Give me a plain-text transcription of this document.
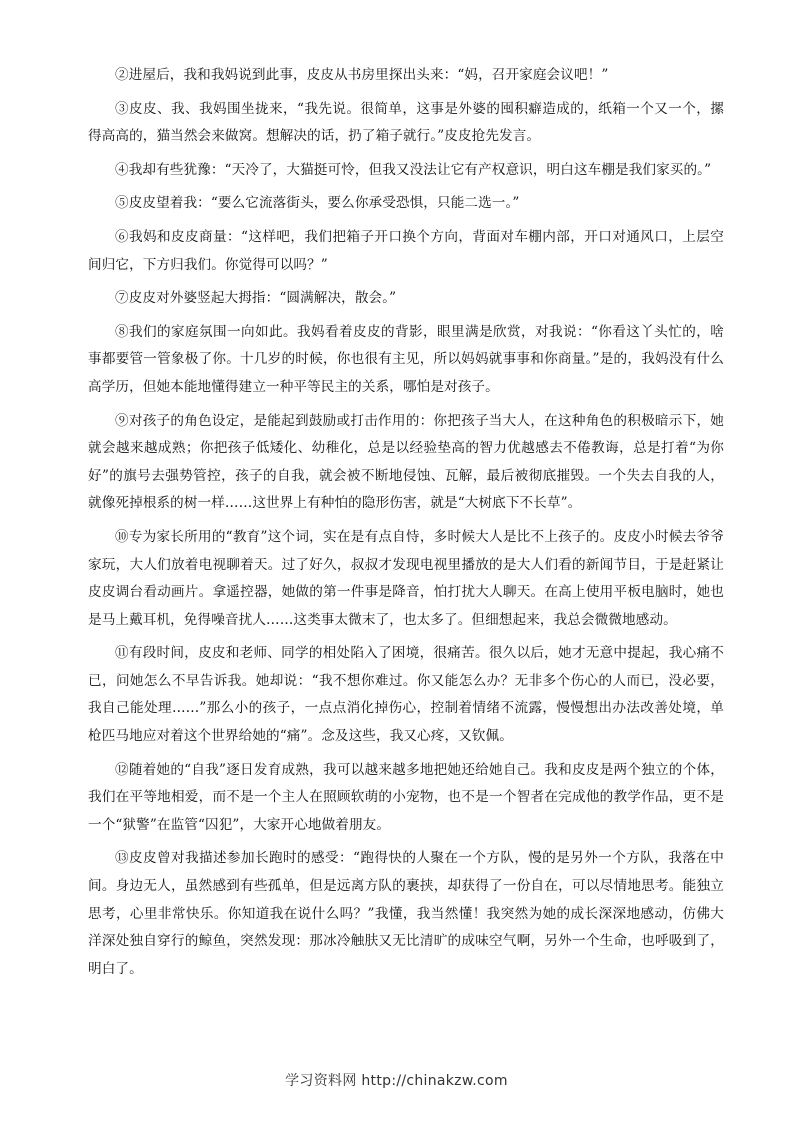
②进屋后，我和我妈说到此事，皮皮从书房里探出头来：“妈，召开家庭会议吧！”

③皮皮、我、我妈围坐拢来，“我先说。很简单，这事是外婆的囤积癖造成的，纸箱一个又一个，摞得高高的，猫当然会来做窝。想解决的话，扔了箱子就行。”皮皮抢先发言。

④我却有些犹豫：“天冷了，大猫挺可怜，但我又没法让它有产权意识，明白这车棚是我们家买的。”

⑤皮皮望着我：“要么它流落街头，要么你承受恐惧，只能二选一。”

⑥我妈和皮皮商量：“这样吧，我们把箱子开口换个方向，背面对车棚内部，开口对通风口，上层空间归它，下方归我们。你觉得可以吗？”

⑦皮皮对外婆竖起大拇指：“圆满解决，散会。”

⑧我们的家庭氛围一向如此。我妈看着皮皮的背影，眼里满是欣赏，对我说：“你看这丫头忙的，啥事都要管一管象极了你。十几岁的时候，你也很有主见，所以妈妈就事事和你商量。”是的，我妈没有什么高学历，但她本能地懂得建立一种平等民主的关系，哪怕是对孩子。

⑨对孩子的角色设定，是能起到鼓励或打击作用的：你把孩子当大人，在这种角色的积极暗示下，她就会越来越成熟；你把孩子低矮化、幼稚化，总是以经验垫高的智力优越感去不倦教诲，总是打着“为你好”的旗号去强势管控，孩子的自我，就会被不断地侵蚀、瓦解，最后被彻底摧毁。一个失去自我的人，就像死掉根系的树一样……这世界上有种怕的隐形伤害，就是“大树底下不长草”。

⑩专为家长所用的“教育”这个词，实在是有点自恃，多时候大人是比不上孩子的。皮皮小时候去爷爷家玩，大人们放着电视聊着天。过了好久，叔叔才发现电视里播放的是大人们看的新闻节目，于是赶紧让皮皮调台看动画片。拿遥控器，她做的第一件事是降音，怕打扰大人聊天。在高上使用平板电脑时，她也是马上戴耳机，免得噪音扰人……这类事太微末了，也太多了。但细想起来，我总会微微地感动。

⑪有段时间，皮皮和老师、同学的相处陷入了困境，很痛苦。很久以后，她才无意中提起，我心痛不已，问她怎么不早告诉我。她却说：“我不想你难过。你又能怎么办？无非多个伤心的人而已，没必要，我自己能处理……”那么小的孩子，一点点消化掉伤心，控制着情绪不流露，慢慢想出办法改善处境，单枪匹马地应对着这个世界给她的“痛”。念及这些，我又心疼，又钦佩。

⑫随着她的“自我”逐日发育成熟，我可以越来越多地把她还给她自己。我和皮皮是两个独立的个体，我们在平等地相爱，而不是一个主人在照顾软萌的小宠物，也不是一个智者在完成他的教学作品，更不是一个“狱警”在监管“囚犯”，大家开心地做着朋友。

⑬皮皮曾对我描述参加长跑时的感受：“跑得快的人聚在一个方队，慢的是另外一个方队，我落在中间。身边无人，虽然感到有些孤单，但是远离方队的裹挟，却获得了一份自在，可以尽情地思考。能独立思考，心里非常快乐。你知道我在说什么吗？”我懂，我当然懂！我突然为她的成长深深地感动，仿佛大洋深处独自穿行的鲸鱼，突然发现：那冰冷触肤又无比清旷的成味空气啊，另外一个生命，也呼吸到了，明白了。

学习资料网 http://chinakzw.com
